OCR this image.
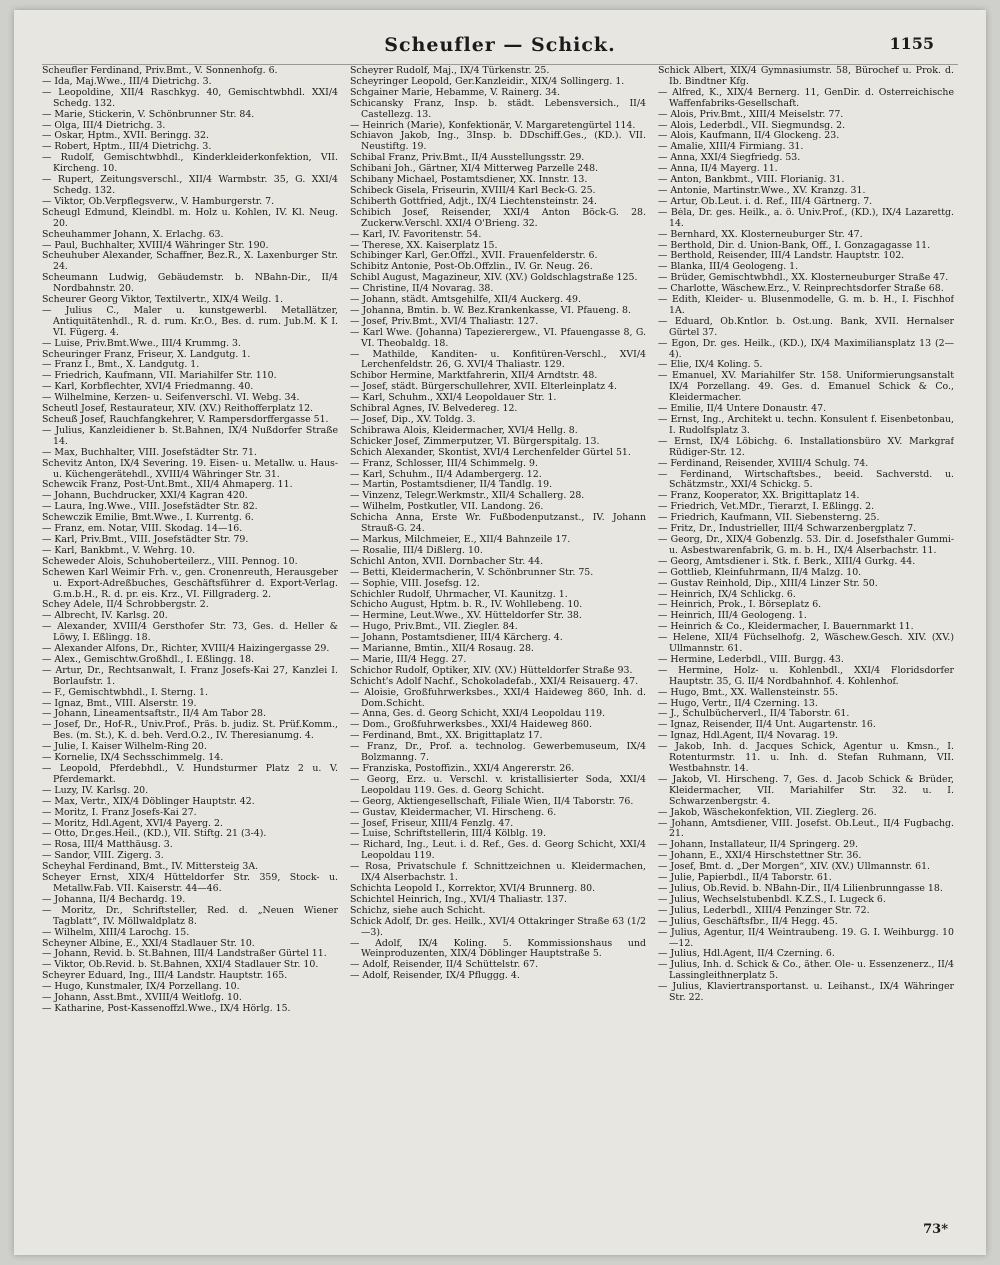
Scheufler — Schick.	1155

Scheufler Ferdinand, Priv.Bmt., V. Sonnenhofg. 6.

— Ida, Maj.Wwe., III/4 Dietrichg. 3.

— Leopoldine, XII/4 Raschkyg. 40, Gemischtwbhdl. XXI/4 Schedg. 132.

— Marie, Stickerin, V. Schönbrunner Str. 84.

— Olga, III/4 Dietrichg. 3.

— Oskar, Hptm., XVII. Beringg. 32.

— Robert, Hptm., III/4 Dietrichg. 3.

— Rudolf, Gemischtwbhdl., Kinderkleiderkonfektion, VII. Kircheng. 10.

— Rupert, Zeitungsverschl., XII/4 Warmbstr. 35, G. XXI/4 Schedg. 132.

— Viktor, Ob.Verpflegsverw., V. Hamburgerstr. 7.

Scheugl Edmund, Kleindbl. m. Holz u. Kohlen, IV. Kl. Neug. 20.

Scheuhammer Johann, X. Erlachg. 63.

— Paul, Buchhalter, XVIII/4 Währinger Str. 190.

Scheuhuber Alexander, Schaffner, Bez.R., X. Laxenburger Str. 24.

Scheumann Ludwig, Gebäudemstr. b. NBahn-Dir., II/4 Nordbahnstr. 20.

Scheurer Georg Viktor, Textilvertr., XIX/4 Weilg. 1.

— Julius C., Maler u. kunstgewerbl. Metallätzer, Antiquitätenhdl., R. d. rum. Kr.O., Bes. d. rum. Jub.M. K I. VI. Fügerg. 4.

— Luise, Priv.Bmt.Wwe., III/4 Krummg. 3.

Scheuringer Franz, Friseur, X. Landgutg. 1.

— Franz I., Bmt., X. Landgutg. 1.

— Friedrich, Kaufmann, VII. Mariahilfer Str. 110.

— Karl, Korbflechter, XVI/4 Friedmanng. 40.

— Wilhelmine, Kerzen- u. Seifenverschl. VI. Webg. 34.

Scheutl Josef, Restaurateur, XIV. (XV.) Reithofferplatz 12.

Scheuß Josef, Rauchfangkehrer, V. Rampersdorffergasse 51.

— Julius, Kanzleidiener b. St.Bahnen, IX/4 Nußdorfer Straße 14.

— Max, Buchhalter, VIII. Josefstädter Str. 71.

Schevitz Anton, IX/4 Severing. 19. Eisen- u. Metallw. u. Haus- u. Küchengerätehdl., XVIII/4 Währinger Str. 31.

Schewcik Franz, Post-Unt.Bmt., XII/4 Ahmaperg. 11.

— Johann, Buchdrucker, XXI/4 Kagran 420.

— Laura, Ing.Wwe., VIII. Josefstädter Str. 82.

Schewczik Emilie, Bmt.Wwe., I. Kurrentg. 6.

— Franz, em. Notar, VIII. Skodag. 14—16.

— Karl, Priv.Bmt., VIII. Josefstädter Str. 79.

— Karl, Bankbmt., V. Wehrg. 10.

Scheweder Alois, Schuhoberteilerz., VIII. Pennog. 10.

Schewen Karl Weimir Frh. v., gen. Cronenreuth, Herausgeber u. Export-Adreßbuches, Geschäftsführer d. Export-Verlag. G.m.b.H., R. d. pr. eis. Krz., VI. Fillgraderg. 2.

Schey Adele, II/4 Schrobbergstr. 2.

— Albrecht, IV. Karlsg. 20.

— Alexander, XVIII/4 Gersthofer Str. 73, Ges. d. Heller & Löwy, I. Eßlingg. 18.

— Alexander Alfons, Dr., Richter, XVIII/4 Haizingergasse 29.

— Alex., Gemischtw.Großhdl., I. Eßlingg. 18.

— Artur, Dr., Rechtsanwalt, I. Franz Josefs-Kai 27, Kanzlei I. Borlaufstr. 1.

— F., Gemischtwbhdl., I. Sterng. 1.

— Ignaz, Bmt., VIII. Alserstr. 19.

— Johann, Lineamentsaftstr., II/4 Am Tabor 28.

— Josef, Dr., Hof-R., Univ.Prof., Präs. b. judiz. St. Prüf.Komm., Bes. (m. St.), K. d. beh. Verd.O.2., IV. Theresianumg. 4.

— Julie, I. Kaiser Wilhelm-Ring 20.

— Kornelie, IX/4 Sechsschimmelg. 14.

— Leopold, Pferdebhdl., V. Hundsturmer Platz 2 u. V. Pferdemarkt.

— Luzy, IV. Karlsg. 20.

— Max, Vertr., XIX/4 Döblinger Hauptstr. 42.

— Moritz, I. Franz Josefs-Kai 27.

— Moritz, Hdl.Agent, XVI/4 Payerg. 2.

— Otto, Dr.ges.Heil., (KD.), VII. Stiftg. 21 (3-4).

— Rosa, III/4 Matthäusg. 3.

— Sandor, VIII. Zigerg. 3.

Scheyhal Ferdinand, Bmt., IV. Mittersteig 3A.

Scheyer Ernst, XIX/4 Hütteldorfer Str. 359, Stock- u. Metallw.Fab. VII. Kaiserstr. 44—46.

— Johanna, II/4 Bechardg. 19.

— Moritz, Dr., Schriftsteller, Red. d. „Neuen Wiener Tagblatt“, IV. Möllwaldplatz 8.

— Wilhelm, XIII/4 Larochg. 15.

Scheyner Albine, E., XXI/4 Stadlauer Str. 10.

— Johann, Revid. b. St.Bahnen, III/4 Landstraßer Gürtel 11.

— Viktor, Ob.Revid. b. St.Bahnen, XXI/4 Stadlauer Str. 10.

Scheyrer Eduard, Ing., III/4 Landstr. Hauptstr. 165.

— Hugo, Kunstmaler, IX/4 Porzellang. 10.

— Johann, Asst.Bmt., XVIII/4 Weitlofg. 10.

— Katharine, Post-Kassenoffzl.Wwe., IX/4 Hörlg. 15.

Scheyrer Rudolf, Maj., IX/4 Türkenstr. 25.

Scheyringer Leopold, Ger.Kanzleidir., XIX/4 Sollingerg. 1.

Schgainer Marie, Hebamme, V. Rainerg. 34.

Schicansky Franz, Insp. b. städt. Lebensversich., II/4 Castellezg. 13.

— Heinrich (Marie), Konfektionär, V. Margaretengürtel 114.

Schiavon Jakob, Ing., 3Insp. b. DDschiff.Ges., (KD.). VII. Neustiftg. 19.

Schibal Franz, Priv.Bmt., II/4 Ausstellungsstr. 29.

Schibani Joh., Gärtner, XI/4 Mitterweg Parzelle 248.

Schibany Michael, Postamtsdiener, XX. Innstr. 13.

Schibeck Gisela, Friseurin, XVIII/4 Karl Beck-G. 25.

Schiberth Gottfried, Adjt., IX/4 Liechtensteinstr. 24.

Schibich Josef, Reisender, XXI/4 Anton Böck-G. 28. Zuckerw.Verschl. XXI/4 O'Brieng. 32.

— Karl, IV. Favoritenstr. 54.

— Therese, XX. Kaiserplatz 15.

Schibinger Karl, Ger.Offzl., XVII. Frauenfelderstr. 6.

Schibitz Antonie, Post-Ob.Offzlin., IV. Gr. Neug. 26.

Schibl August, Magazineur, XIV. (XV.) Goldschlagstraße 125.

— Christine, II/4 Novarag. 38.

— Johann, städt. Amtsgehilfe, XII/4 Auckerg. 49.

— Johanna, Bmtin. b. W. Bez.Krankenkasse, VI. Pfaueng. 8.

— Josef, Priv.Bmt., XVI/4 Thaliastr. 127.

— Karl Wwe. (Johanna) Tapezierergew., VI. Pfauengasse 8, G. VI. Theobaldg. 18.

— Mathilde, Kanditen- u. Konfitüren-Verschl., XVI/4 Lerchenfeldstr. 26, G. XVI/4 Thaliastr. 129.

Schibor Hermine, Marktfahrerin, XII/4 Arndtstr. 48.

— Josef, städt. Bürgerschullehrer, XVII. Elterleinplatz 4.

— Karl, Schuhm., XXI/4 Leopoldauer Str. 1.

Schibral Agnes, IV. Belvedereg. 12.

— Josef, Dip., XV. Toldg. 3.

Schibrawa Alois, Kleidermacher, XVI/4 Hellg. 8.

Schicker Josef, Zimmerputzer, VI. Bürgerspitalg. 13.

Schich Alexander, Skontist, XVI/4 Lerchenfelder Gürtel 51.

— Franz, Schlosser, III/4 Schimmelg. 9.

— Karl, Schuhm., II/4 Adambergerg. 12.

— Martin, Postamtsdiener, II/4 Tandlg. 19.

— Vinzenz, Telegr.Werkmstr., XII/4 Schallerg. 28.

— Wilhelm, Postkutler, VII. Landong. 26.

Schicha Anna, Erste Wr. Fußbodenputzanst., IV. Johann Strauß-G. 24.

— Markus, Milchmeier, E., XII/4 Bahnzeile 17.

— Rosalie, III/4 Dißlerg. 10.

Schichl Anton, XVII. Dornbacher Str. 44.

— Betti, Kleidermacherin, V. Schönbrunner Str. 75.

— Sophie, VIII. Josefsg. 12.

Schichler Rudolf, Uhrmacher, VI. Kaunitzg. 1.

Schicho August, Hptm. b. R., IV. Wohllebeng. 10.

— Hermine, Leut.Wwe., XV. Hütteldorfer Str. 38.

— Hugo, Priv.Bmt., VII. Ziegler. 84.

— Johann, Postamtsdiener, III/4 Kärcherg. 4.

— Marianne, Bmtin., XII/4 Rosaug. 28.

— Marie, III/4 Hegg. 27.

Schichor Rudolf, Optiker, XIV. (XV.) Hütteldorfer Straße 93.

Schicht's Adolf Nachf., Schokoladefab., XXI/4 Reisauerg. 47.

— Aloisie, Großfuhrwerksbes., XXI/4 Haideweg 860, Inh. d. Dom.Schicht.

— Anna, Ges. d. Georg Schicht, XXI/4 Leopoldau 119.

— Dom., Großfuhrwerksbes., XXI/4 Haideweg 860.

— Ferdinand, Bmt., XX. Brigittaplatz 17.

— Franz, Dr., Prof. a. technolog. Gewerbemuseum, IX/4 Bolzmanng. 7.

— Franziska, Postoffizin., XXI/4 Angererstr. 26.

— Georg, Erz. u. Verschl. v. kristallisierter Soda, XXI/4 Leopoldau 119. Ges. d. Georg Schicht.

— Georg, Aktiengesellschaft, Filiale Wien, II/4 Taborstr. 76.

— Gustav, Kleidermacher, VI. Hirscheng. 6.

— Josef, Friseur, XIII/4 Fenzlg. 47.

— Luise, Schriftstellerin, III/4 Kölblg. 19.

— Richard, Ing., Leut. i. d. Ref., Ges. d. Georg Schicht, XXI/4 Leopoldau 119.

— Rosa, Privatschule f. Schnittzeichnen u. Kleidermachen, IX/4 Alserbachstr. 1.

Schichta Leopold I., Korrektor, XVI/4 Brunnerg. 80.

Schichtel Heinrich, Ing., XVI/4 Thaliastr. 137.

Schichz, siehe auch Schicht.

Schick Adolf, Dr. ges. Heilk., XVI/4 Ottakringer Straße 63 (1/2—3).

— Adolf, IX/4 Koling. 5. Kommissionshaus und Weinproduzenten, XIX/4 Döblinger Hauptstraße 5.

— Adolf, Reisender, II/4 Schüttelstr. 67.

— Adolf, Reisender, IX/4 Pfluggg. 4.

Schick Albert, XIX/4 Gymnasiumstr. 58, Bürochef u. Prok. d. Ib. Bindtner Kfg.

— Alfred, K., XIX/4 Bernerg. 11, GenDir. d. Österreichische Waffenfabriks-Gesellschaft.

— Alois, Priv.Bmt., XIII/4 Meiselstr. 77.

— Alois, Lederbdl., VII. Siegmundsg. 2.

— Alois, Kaufmann, II/4 Glockeng. 23.

— Amalie, XIII/4 Firmiang. 31.

— Anna, XXI/4 Siegfriedg. 53.

— Anna, II/4 Mayerg. 11.

— Anton, Bankbmt., VIII. Florianig. 31.

— Antonie, Martinstr.Wwe., XV. Kranzg. 31.

— Artur, Ob.Leut. i. d. Ref., III/4 Gärtnerg. 7.

— Béla, Dr. ges. Heilk., a. ö. Univ.Prof., (KD.), IX/4 Lazarettg. 14.

— Bernhard, XX. Klosterneuburger Str. 47.

— Berthold, Dir. d. Union-Bank, Off., I. Gonzagagasse 11.

— Berthold, Reisender, III/4 Landstr. Hauptstr. 102.

— Blanka, III/4 Geologeng. 1.

— Brüder, Gemischtwbhdl., XX. Klosterneuburger Straße 47.

— Charlotte, Wäschew.Erz., V. Reinprechtsdorfer Straße 68.

— Edith, Kleider- u. Blusenmodelle, G. m. b. H., I. Fischhof 1A.

— Eduard, Ob.Kntlor. b. Öst.ung. Bank, XVII. Hernalser Gürtel 37.

— Egon, Dr. ges. Heilk., (KD.), IX/4 Maximiliansplatz 13 (2—4).

— Elie, IX/4 Koling. 5.

— Emanuel, XV. Mariahilfer Str. 158. Uniformierungsanstalt IX/4 Porzellang. 49. Ges. d. Emanuel Schick & Co., Kleidermacher.

— Emilie, II/4 Untere Donaustr. 47.

— Ernst, Ing., Architekt u. techn. Konsulent f. Eisenbetonbau, I. Rudolfsplatz 3.

— Ernst, IX/4 Löbichg. 6. Installationsbüro XV. Markgraf Rüdiger-Str. 12.

— Ferdinand, Reisender, XVIII/4 Schulg. 74.

— Ferdinand, Wirtschaftsbes., beeid. Sachverstd. u. Schätzmstr., XXI/4 Schickg. 5.

— Franz, Kooperator, XX. Brigittaplatz 14.

— Friedrich, Vet.MDr., Tierarzt, I. Eßlingg. 2.

— Friedrich, Kaufmann, VII. Siebensterng. 25.

— Fritz, Dr., Industrieller, III/4 Schwarzenbergplatz 7.

— Georg, Dr., XIX/4 Gobenzlg. 53. Dir. d. Josefsthaler Gummi- u. Asbestwarenfabrik, G. m. b. H., IX/4 Alserbachstr. 11.

— Georg, Amtsdiener i. Stk. f. Berk., XIII/4 Gurkg. 44.

— Gottlieb, Kleinfuhrmann, II/4 Malzg. 10.

— Gustav Reinhold, Dip., XIII/4 Linzer Str. 50.

— Heinrich, IX/4 Schlickg. 6.

— Heinrich, Prok., I. Börseplatz 6.

— Heinrich, III/4 Geologeng. 1.

— Heinrich & Co., Kleidermacher, I. Bauernmarkt 11.

— Helene, XII/4 Füchselhofg. 2, Wäschew.Gesch. XIV. (XV.) Ullmannstr. 61.

— Hermine, Lederbdl., VIII. Burgg. 43.

— Hermine, Holz- u. Kohlenbdl., XXI/4 Floridsdorfer Hauptstr. 35, G. II/4 Nordbahnhof. 4. Kohlenhof.

— Hugo, Bmt., XX. Wallensteinstr. 55.

— Hugo, Vertr., II/4 Czerning. 13.

— J., Schulbücherverl., II/4 Taborstr. 61.

— Ignaz, Reisender, II/4 Unt. Augartenstr. 16.

— Ignaz, Hdl.Agent, II/4 Novarag. 19.

— Jakob, Inh. d. Jacques Schick, Agentur u. Kmsn., I. Rotenturmstr. 11. u. Inh. d. Stefan Ruhmann, VII. Westbahnstr. 14.

— Jakob, VI. Hirscheng. 7, Ges. d. Jacob Schick & Brüder, Kleidermacher, VII. Mariahilfer Str. 32. u. I. Schwarzenbergstr. 4.

— Jakob, Wäschekonfektion, VII. Zieglerg. 26.

— Johann, Amtsdiener, VIII. Josefst. Ob.Leut., II/4 Fugbachg. 21.

— Johann, Installateur, II/4 Springerg. 29.

— Johann, E., XXI/4 Hirschstettner Str. 36.

— Josef, Bmt. d. „Der Morgen“, XIV. (XV.) Ullmannstr. 61.

— Julie, Papierbdl., II/4 Taborstr. 61.

— Julius, Ob.Revid. b. NBahn-Dir., II/4 Lilienbrunngasse 18.

— Julius, Wechselstubenbdl. K.Z.S., I. Lugeck 6.

— Julius, Lederbdl., XIII/4 Penzinger Str. 72.

— Julius, Geschäftsfbr., II/4 Hegg. 45.

— Julius, Agentur, II/4 Weintraubeng. 19. G. I. Weihburgg. 10—12.

— Julius, Hdl.Agent, II/4 Czerning. 6.

— Julius, Inh. d. Schick & Co., äther. Öle- u. Essenzenerz., II/4 Lassingleithnerplatz 5.

— Julius, Klaviertransportanst. u. Leihanst., IX/4 Währinger Str. 22.

73*
